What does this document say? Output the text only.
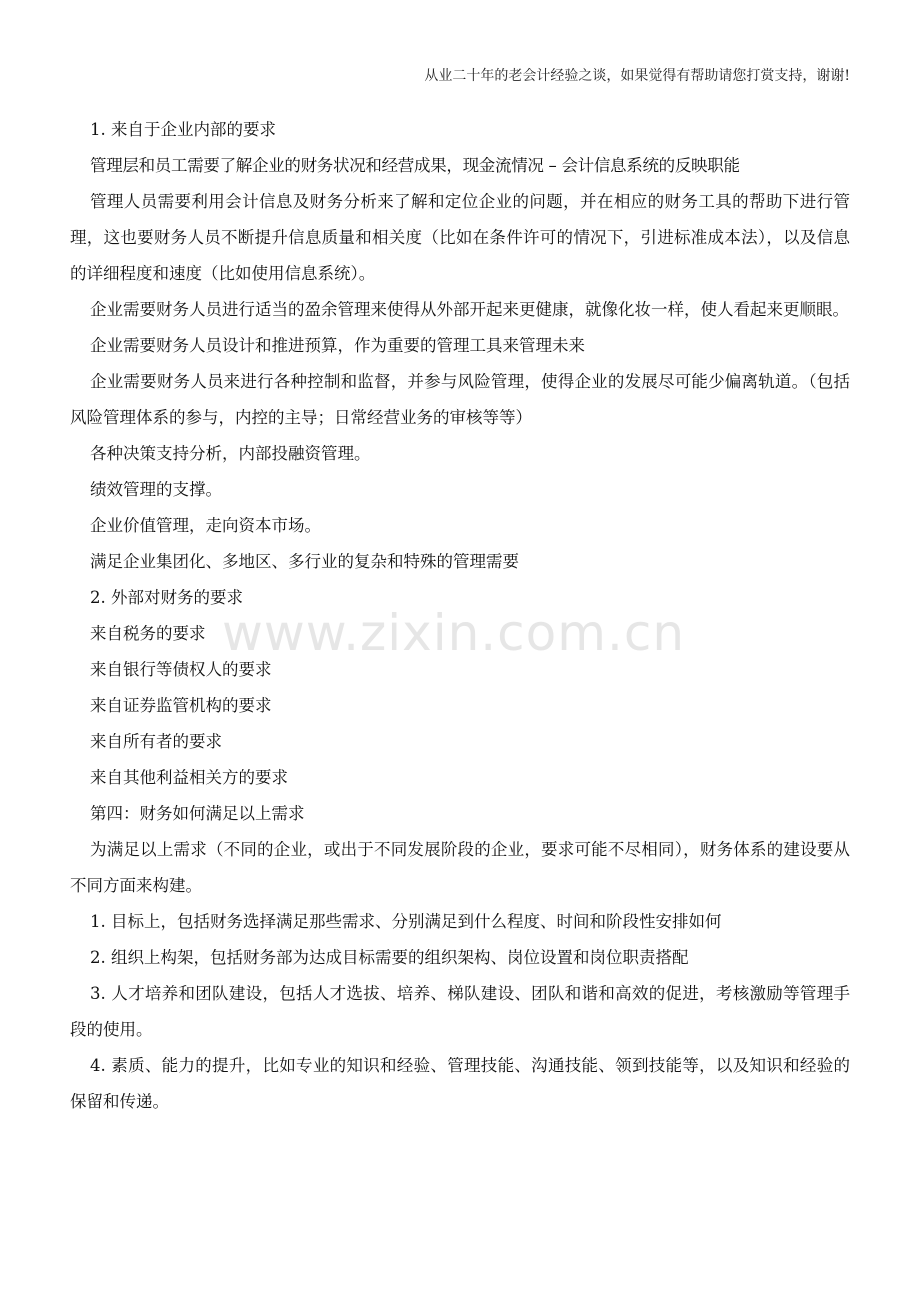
从业二十年的老会计经验之谈，如果觉得有帮助请您打赏支持，谢谢!
www.zixin.com.cn

1. 来自于企业内部的要求

管理层和员工需要了解企业的财务状况和经营成果，现金流情况 – 会计信息系统的反映职能

管理人员需要利用会计信息及财务分析来了解和定位企业的问题，并在相应的财务工具的帮助下进行管理，这也要财务人员不断提升信息质量和相关度（比如在条件许可的情况下，引进标准成本法），以及信息的详细程度和速度（比如使用信息系统）。

企业需要财务人员进行适当的盈余管理来使得从外部开起来更健康，就像化妆一样，使人看起来更顺眼。

企业需要财务人员设计和推进预算，作为重要的管理工具来管理未来

企业需要财务人员来进行各种控制和监督，并参与风险管理，使得企业的发展尽可能少偏离轨道。（包括风险管理体系的参与，内控的主导；日常经营业务的审核等等）

各种决策支持分析，内部投融资管理。

绩效管理的支撑。

企业价值管理，走向资本市场。

满足企业集团化、多地区、多行业的复杂和特殊的管理需要

2. 外部对财务的要求

来自税务的要求

来自银行等债权人的要求

来自证券监管机构的要求

来自所有者的要求

来自其他利益相关方的要求

第四：财务如何满足以上需求

为满足以上需求（不同的企业，或出于不同发展阶段的企业，要求可能不尽相同），财务体系的建设要从不同方面来构建。

1. 目标上，包括财务选择满足那些需求、分别满足到什么程度、时间和阶段性安排如何

2. 组织上构架，包括财务部为达成目标需要的组织架构、岗位设置和岗位职责搭配

3. 人才培养和团队建设，包括人才选拔、培养、梯队建设、团队和谐和高效的促进，考核激励等管理手段的使用。

4. 素质、能力的提升，比如专业的知识和经验、管理技能、沟通技能、领到技能等，以及知识和经验的保留和传递。
